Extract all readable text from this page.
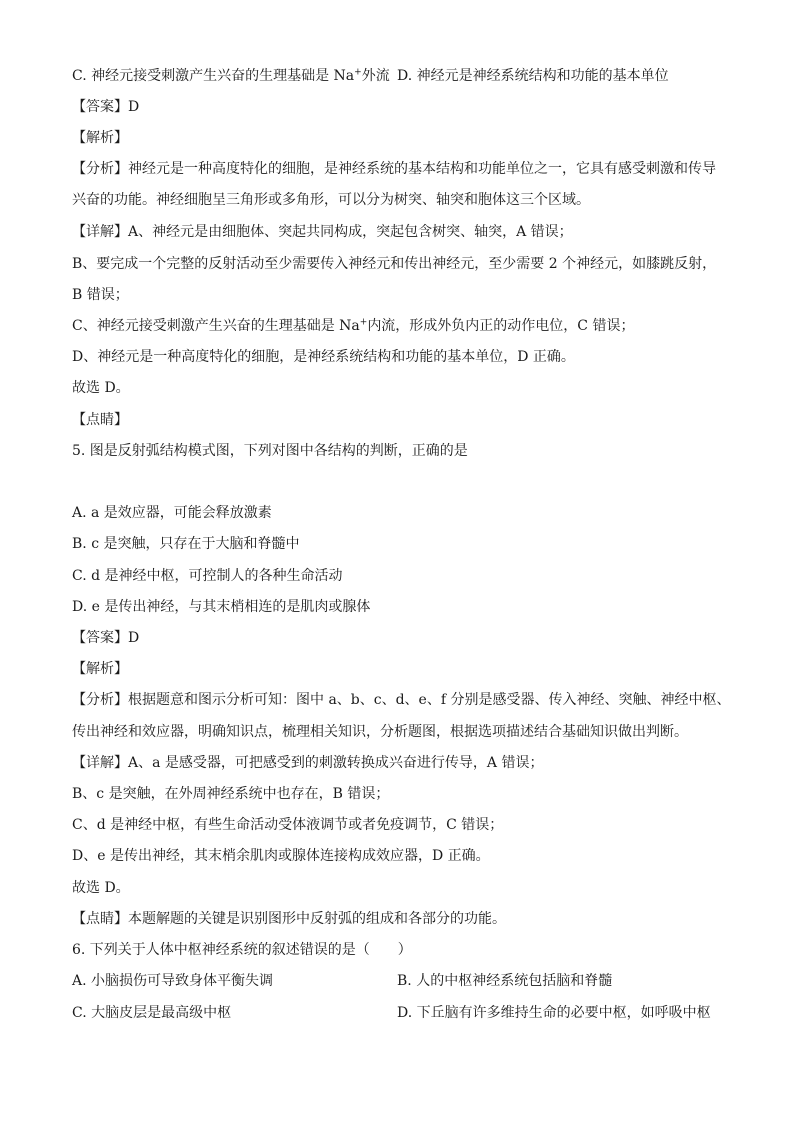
C. 神经元接受刺激产生兴奋的生理基础是 Na+外流 D. 神经元是神经系统结构和功能的基本单位
【答案】D
【解析】
【分析】神经元是一种高度特化的细胞，是神经系统的基本结构和功能单位之一，它具有感受刺激和传导
兴奋的功能。神经细胞呈三角形或多角形，可以分为树突、轴突和胞体这三个区域。
【详解】A、神经元是由细胞体、突起共同构成，突起包含树突、轴突，A 错误；
B、要完成一个完整的反射活动至少需要传入神经元和传出神经元，至少需要 2 个神经元，如膝跳反射，
B 错误；
C、神经元接受刺激产生兴奋的生理基础是 Na+内流，形成外负内正的动作电位，C 错误；
D、神经元是一种高度特化的细胞，是神经系统结构和功能的基本单位，D 正确。
故选 D。
【点睛】
5. 图是反射弧结构模式图，下列对图中各结构的判断，正确的是
A. a 是效应器，可能会释放激素
B. c 是突触，只存在于大脑和脊髓中
C. d 是神经中枢，可控制人的各种生命活动
D. e 是传出神经，与其末梢相连的是肌肉或腺体
【答案】D
【解析】
【分析】根据题意和图示分析可知：图中 a、b、c、d、e、f 分别是感受器、传入神经、突触、神经中枢、
传出神经和效应器，明确知识点，梳理相关知识，分析题图，根据选项描述结合基础知识做出判断。
【详解】A、a 是感受器，可把感受到的刺激转换成兴奋进行传导，A 错误；
B、c 是突触，在外周神经系统中也存在，B 错误；
C、d 是神经中枢，有些生命活动受体液调节或者免疫调节，C 错误；
D、e 是传出神经，其末梢余肌肉或腺体连接构成效应器，D 正确。
故选 D。
【点睛】本题解题的关键是识别图形中反射弧的组成和各部分的功能。
6. 下列关于人体中枢神经系统的叙述错误的是（　　）
A. 小脑损伤可导致身体平衡失调	B. 人的中枢神经系统包括脑和脊髓
C. 大脑皮层是最高级中枢	D. 下丘脑有许多维持生命的必要中枢，如呼吸中枢
